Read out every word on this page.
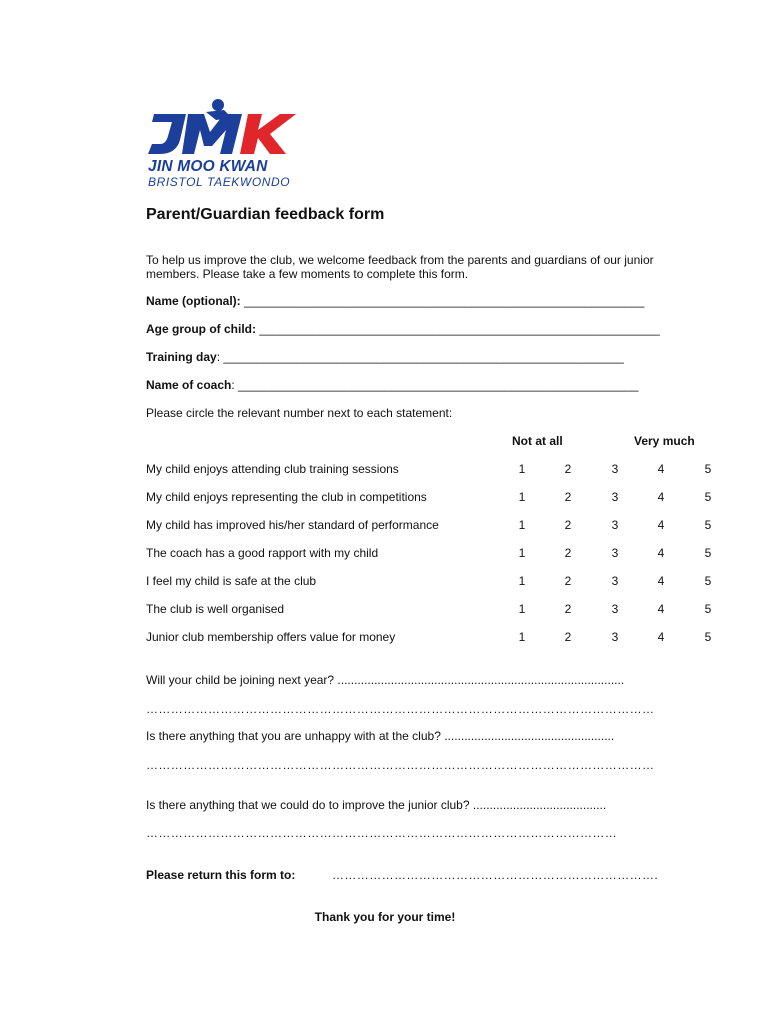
JIN MOO KWAN
BRISTOL TAEKWONDO
Parent/Guardian feedback form
To help us improve the club, we welcome feedback from the parents and guardians of our junior members. Please take a few moments to complete this form.
Name (optional): ____________________________________________________________
Age group of child: ____________________________________________________________
Training day: ____________________________________________________________
Name of coach: ____________________________________________________________
Please circle the relevant number next to each statement:
Not at all	Very much
My child enjoys attending club training sessions	1	2	3	4	5
My child enjoys representing the club in competitions	1	2	3	4	5
My child has improved his/her standard of performance	1	2	3	4	5
The coach has a good rapport with my child	1	2	3	4	5
I feel my child is safe at the club	1	2	3	4	5
The club is well organised	1	2	3	4	5
Junior club membership offers value for money	1	2	3	4	5
Will your child be joining next year? ......................................................................................
……………………………………………………………………………………………………………
Is there anything that you are unhappy with at the club? ...................................................
……………………………………………………………………………………………………………
Is there anything that we could do to improve the junior club? ........................................
……………………………………………………………………………………………………
Please return this form to:	…………………………………………………………………….
Thank you for your time!
